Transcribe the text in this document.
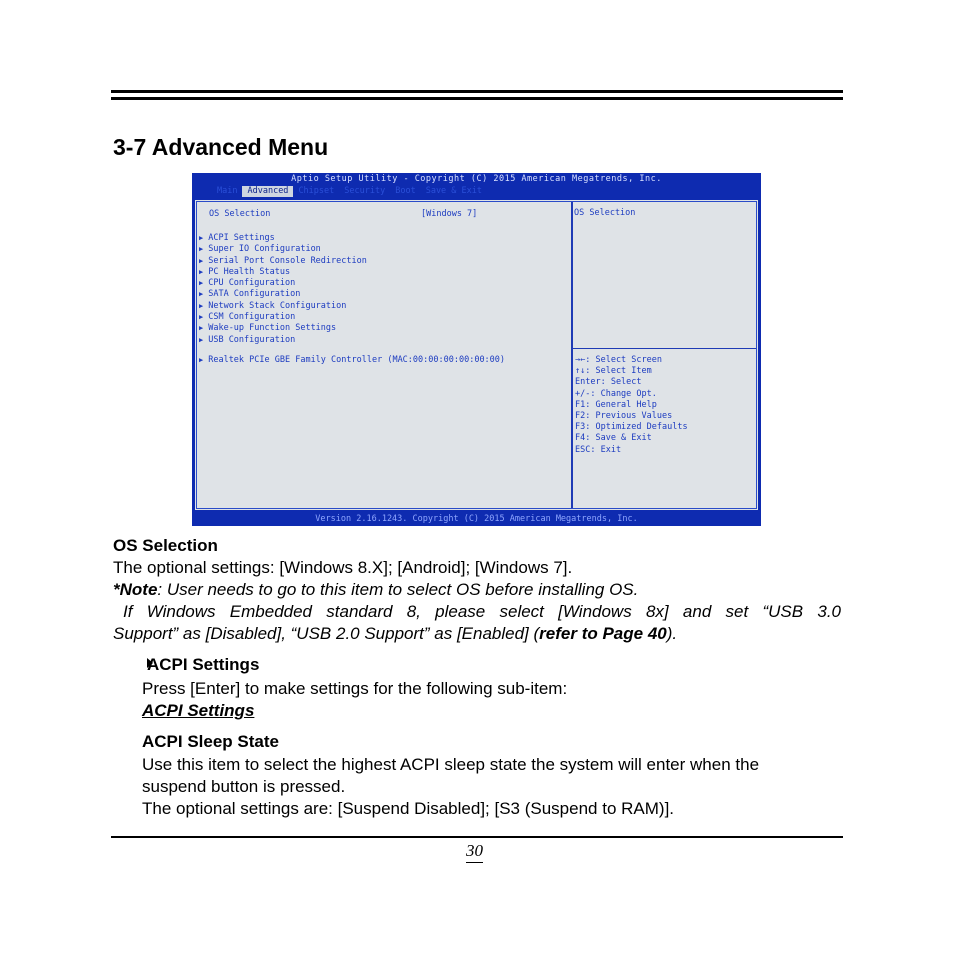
3-7 Advanced Menu
Aptio Setup Utility - Copyright (C) 2015 American Megatrends, Inc.
Main	Advanced	Chipset	Security	Boot	Save & Exit
OS Selection	[Windows 7]
▶ ACPI Settings
▶ Super IO Configuration
▶ Serial Port Console Redirection
▶ PC Health Status
▶ CPU Configuration
▶ SATA Configuration
▶ Network Stack Configuration
▶ CSM Configuration
▶ Wake-up Function Settings
▶ USB Configuration
▶ Realtek PCIe GBE Family Controller (MAC:00:00:00:00:00:00)
OS Selection
→←: Select Screen
↑↓: Select Item
Enter: Select
+/-: Change Opt.
F1: General Help
F2: Previous Values
F3: Optimized Defaults
F4: Save & Exit
ESC: Exit
Version 2.16.1243. Copyright (C) 2015 American Megatrends, Inc.
OS Selection
The optional settings: [Windows 8.X]; [Android]; [Windows 7].
*Note: User needs to go to this item to select OS before installing OS.
If Windows Embedded standard 8, please select [Windows 8x] and set “USB 3.0
Support” as [Disabled], “USB 2.0 Support” as [Enabled] (refer to Page 40).
ACPI Settings
Press [Enter] to make settings for the following sub-item:
ACPI Settings
ACPI Sleep State
Use this item to select the highest ACPI sleep state the system will enter when the
suspend button is pressed.
The optional settings are: [Suspend Disabled]; [S3 (Suspend to RAM)].
30
